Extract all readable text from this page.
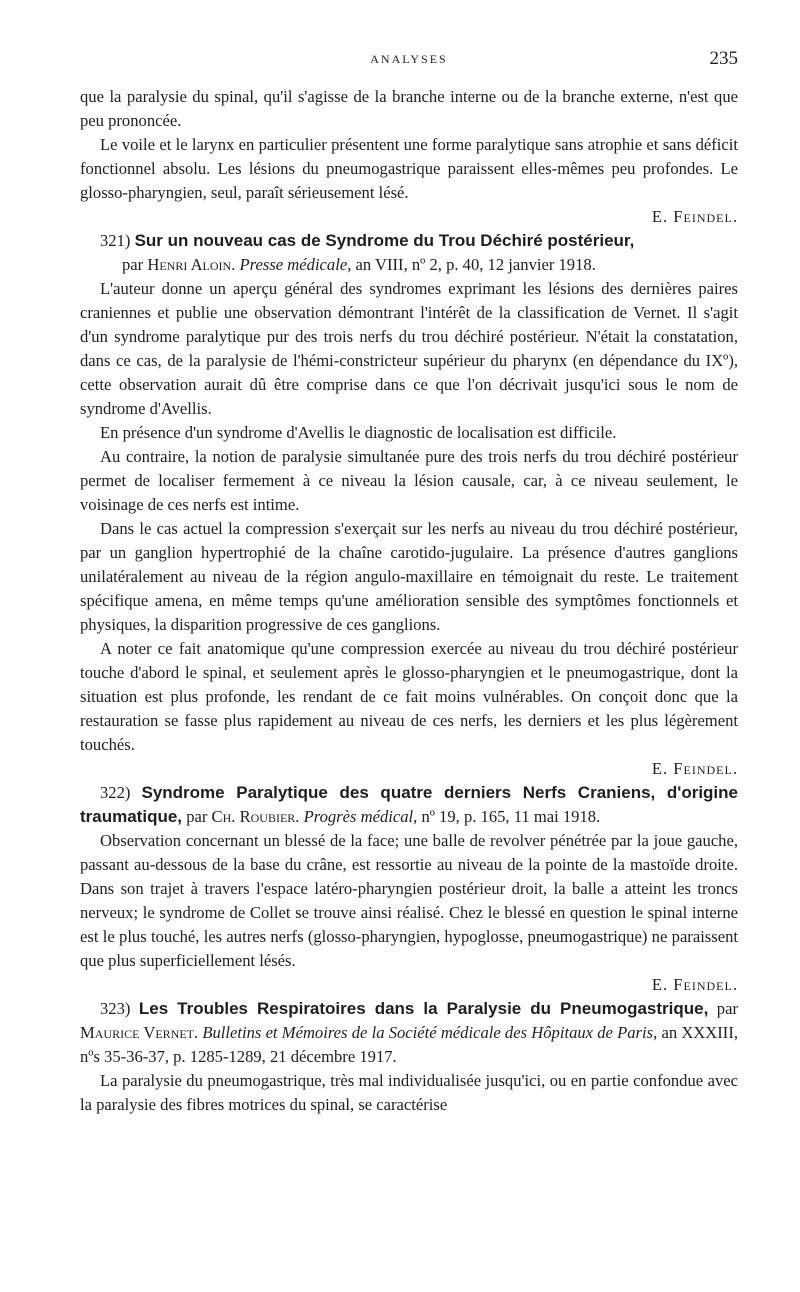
ANALYSES	235

que la paralysie du spinal, qu'il s'agisse de la branche interne ou de la branche externe, n'est que peu prononcée.

Le voile et le larynx en particulier présentent une forme paralytique sans atrophie et sans déficit fonctionnel absolu. Les lésions du pneumogastrique paraissent elles-mêmes peu profondes. Le glosso-pharyngien, seul, paraît sérieusement lésé.

E. Feindel.

321) Sur un nouveau cas de Syndrome du Trou Déchiré postérieur,
par Henri Aloin. Presse médicale, an VIII, nº 2, p. 40, 12 janvier 1918.

L'auteur donne un aperçu général des syndromes exprimant les lésions des dernières paires craniennes et publie une observation démontrant l'intérêt de la classification de Vernet. Il s'agit d'un syndrome paralytique pur des trois nerfs du trou déchiré postérieur. N'était la constatation, dans ce cas, de la paralysie de l'hémi-constricteur supérieur du pharynx (en dépendance du IXº), cette observation aurait dû être comprise dans ce que l'on décrivait jusqu'ici sous le nom de syndrome d'Avellis.

En présence d'un syndrome d'Avellis le diagnostic de localisation est difficile.

Au contraire, la notion de paralysie simultanée pure des trois nerfs du trou déchiré postérieur permet de localiser fermement à ce niveau la lésion causale, car, à ce niveau seulement, le voisinage de ces nerfs est intime.

Dans le cas actuel la compression s'exerçait sur les nerfs au niveau du trou déchiré postérieur, par un ganglion hypertrophié de la chaîne carotido-jugulaire. La présence d'autres ganglions unilatéralement au niveau de la région angulo-maxillaire en témoignait du reste. Le traitement spécifique amena, en même temps qu'une amélioration sensible des symptômes fonctionnels et physiques, la disparition progressive de ces ganglions.

A noter ce fait anatomique qu'une compression exercée au niveau du trou déchiré postérieur touche d'abord le spinal, et seulement après le glosso-pharyngien et le pneumogastrique, dont la situation est plus profonde, les rendant de ce fait moins vulnérables. On conçoit donc que la restauration se fasse plus rapidement au niveau de ces nerfs, les derniers et les plus légèrement touchés.

E. Feindel.

322) Syndrome Paralytique des quatre derniers Nerfs Craniens, d'origine traumatique, par Ch. Roubier. Progrès médical, nº 19, p. 165, 11 mai 1918.

Observation concernant un blessé de la face; une balle de revolver pénétrée par la joue gauche, passant au-dessous de la base du crâne, est ressortie au niveau de la pointe de la mastoïde droite. Dans son trajet à travers l'espace latéro-pharyngien postérieur droit, la balle a atteint les troncs nerveux; le syndrome de Collet se trouve ainsi réalisé. Chez le blessé en question le spinal interne est le plus touché, les autres nerfs (glosso-pharyngien, hypoglosse, pneumogastrique) ne paraissent que plus superficiellement lésés.

E. Feindel.

323) Les Troubles Respiratoires dans la Paralysie du Pneumogastrique, par Maurice Vernet. Bulletins et Mémoires de la Société médicale des Hôpitaux de Paris, an XXXIII, nºs 35-36-37, p. 1285-1289, 21 décembre 1917.

La paralysie du pneumogastrique, très mal individualisée jusqu'ici, ou en partie confondue avec la paralysie des fibres motrices du spinal, se caractérise
